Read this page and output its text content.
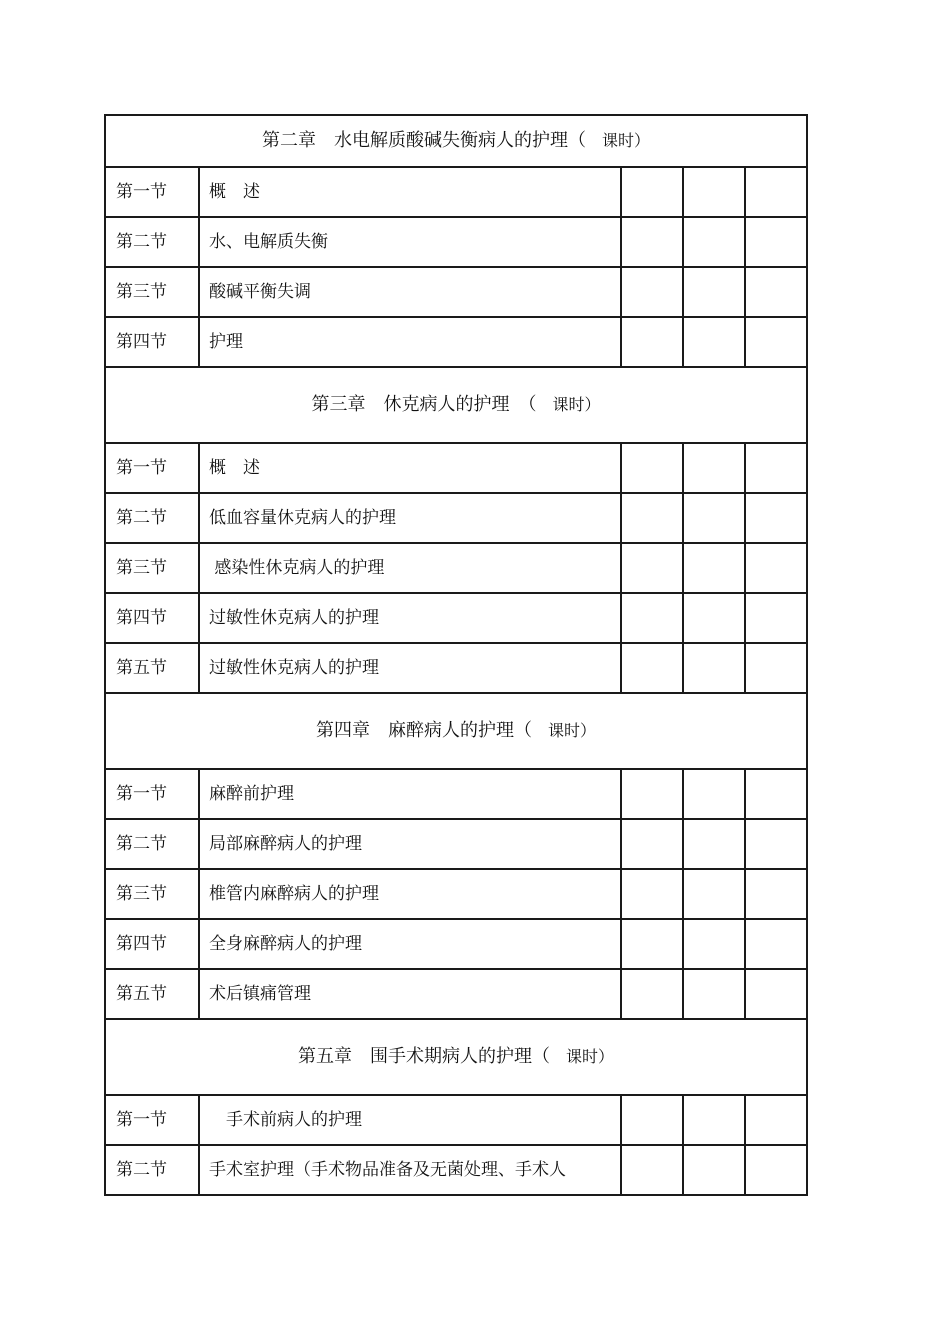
第二章　水电解质酸碱失衡病人的护理（　课时）				
第一节	概　述			
第二节	水、电解质失衡			
第三节	酸碱平衡失调			
第四节	护理			
第三章　休克病人的护理　（　课时）				
第一节	概　述			
第二节	低血容量休克病人的护理			
第三节	感染性休克病人的护理			
第四节	过敏性休克病人的护理			
第五节	过敏性休克病人的护理			
第四章　麻醉病人的护理（　课时）				
第一节	麻醉前护理			
第二节	局部麻醉病人的护理			
第三节	椎管内麻醉病人的护理			
第四节	全身麻醉病人的护理			
第五节	术后镇痛管理			
第五章　围手术期病人的护理（　课时）				
第一节	　手术前病人的护理			
第二节	手术室护理（手术物品准备及无菌处理、手术人			
